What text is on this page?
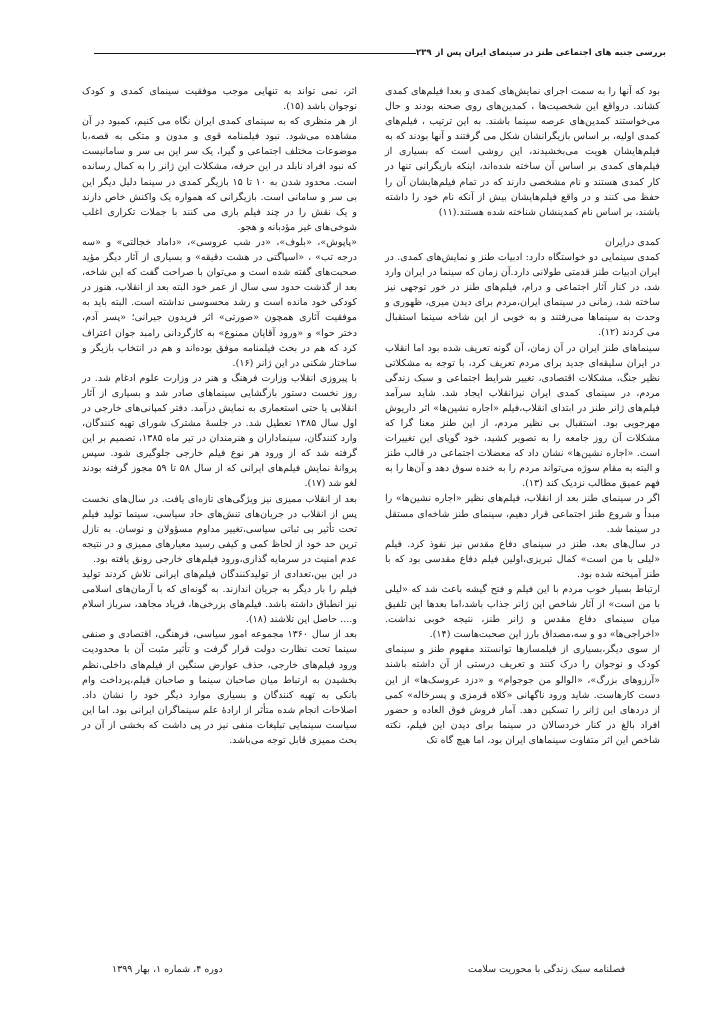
بررسی جنبه های اجتماعی طنز در سینمای ایران پس از
۲۳۹

بود که آنها را به سمت اجرای نمایش‌های کمدی و بعدا فیلم‌های کمدی کشاند. درواقع این شخصیت‌ها ، کمدین‌های روی صحنه بودند و حال می‌خواستند کمدین‌های عرصه سینما باشند. به این ترتیب ، فیلم‌های کمدی اولیه، بر اساس بازیگرانشان شکل می گرفتند و آنها بودند که به فیلم‌هایشان هویت می‌بخشیدند، این روشی است که بسیاری از فیلم‌های کمدی بر اساس آن ساخته شده‌اند، اینکه بازیگرانی تنها در کار کمدی هستند و نام مشخصی دارند که در تمام فیلم‌هایشان آن را حفظ می کنند و در واقع فیلم‌هایشان بیش از آنکه نام خود را داشته باشند، بر اساس نام کمدینشان شناخته شده هستند.(۱۱)

کمدی درایران

کمدی سینمایی دو خواستگاه دارد: ادبیات طنز و نمایش‌های کمدی. در ایران ادبیات طنز قدمتی طولانی دارد.آن زمان که سینما در ایران وارد شد، در کنار آثار اجتماعی و درام، فیلم‌های طنز در خور توجهی نیز ساخته شد، زمانی در سینمای ایران،مردم برای دیدن میری، ظهوری و وحدت به سینماها می‌رفتند و به خوبی از این شاخه سینما استقبال می کردند (۱۲).

سینماهای طنز ایران در آن زمان، آن گونه تعریف شده بود اما انقلاب در ایران سلیقه‌ای جدید برای مردم تعریف کرد، با توجه به مشکلاتی نظیر جنگ، مشکلات اقتصادی، تغییر شرایط اجتماعی و سبک زندگی مردم، در سینمای کمدی ایران نیزانقلاب ایجاد شد. شاید سرآمد فیلم‌های ژانر طنز در ابتدای انقلاب،فیلم «اجاره نشین‌ها» اثر داریوش مهرجویی بود. استقبال بی نظیر مردم، از این طنز معنا گرا که مشکلات آن روز جامعه را به تصویر کشید، خود گویای این تغییرات است. «اجاره نشین‌ها» نشان داد که معضلات اجتماعی در قالب طنز و البته به مقام سوژه می‌تواند مردم را به خنده سوق دهد و آن‌ها را به فهم عمیق مطالب نزدیک کند (۱۳).

اگر در سینمای طنز بعد از انقلاب، فیلم‌های نظیر «اجاره نشین‌ها» را مبدأ و شروع طنز اجتماعی قرار دهیم، سینمای طنز شاخه‌ای مستقل در سینما شد.

در سال‌های بعد، طنز در سینمای دفاع مقدس نیز نفوذ کرد. فیلم «لیلی با من است» کمال تبریزی،اولین فیلم دفاع مقدسی بود که با طنز آمیخته شده بود.

ارتباط بسیار خوب مردم با این فیلم و فتح گیشه باعث شد که «لیلی با من است» از آثار شاخص این ژانر جذاب باشد،اما بعدها این تلفیق میان سینمای دفاع مقدس و ژانر طنز، نتیجه خوبی نداشت. «اخراجی‌ها» دو و سه،مصداق بارز این صحبت‌هاست (۱۴).

از سوی دیگر،بسیاری از فیلمسازها توانستند مفهوم طنز و سینمای کودک و نوجوان را درک کنند و تعریف درستی از آن داشته باشند «آرزوهای بزرگ»، «الوالو من جوجوام» و «دزد عروسک‌ها» از این دست کارهاست. شاید ورود ناگهانی «کلاه قرمزی و پسرخاله» کمی از دردهای این ژانر را تسکین دهد. آمار فروش فوق العاده و حضور افراد بالغ در کنار خردسالان در سینما برای دیدن این فیلم، نکته شاخص این اثر متفاوت سینماهای ایران بود، اما هیچ گاه تک

اثر، نمی تواند به تنهایی موجب موفقیت سینمای کمدی و کودک نوجوان باشد (۱۵).

از هر منظری که به سینمای کمدی ایران نگاه می کنیم، کمبود در آن مشاهده می‌شود. نبود فیلمنامه قوی و مدون و متکی به قصه،با موضوعات مختلف اجتماعی و گیرا، یک سر این بی سر و سامانیست که نبود افراد نابلد در این حرفه، مشکلات این ژانر را به کمال رسانده است. محدود شدن به ۱۰ تا ۱۵ بازیگر کمدی در سینما دلیل دیگر این بی سر و سامانی است. بازیگرانی که همواره یک واکنش خاص دارند و یک نقش را در چند فیلم بازی می کنند با جملات تکراری اغلب شوخی‌های غیر مؤدبانه و هجو.

«پاپوش»، «بلوف»، «در شب عروسی»، «داماد خجالتی» و «سه درجه تب» ، «اسپاگتی در هشت دقیقه» و بسیاری از آثار دیگر مؤید صحبت‌های گفته شده است و می‌توان با صراحت گفت که این شاخه، بعد از گذشت حدود سی سال از عمر خود البته بعد از انقلاب، هنوز در کودکی خود مانده است و رشد محسوسی نداشته است. البته باید به موفقیت آثاری همچون «صورتی» اثر فریدون جیرانی؛ «پسر آدم، دختر حوا» و «ورود آقایان ممنوع» به کارگردانی رامبد جوان اعتراف کرد که هم در بحث فیلمنامه موفق بوده‌اند و هم در انتخاب بازیگر و ساختار شکنی در این ژانر (۱۶).

با پیروزی انقلاب وزارت فرهنگ و هنر در وزارت علوم ادغام شد. در روز نخست دستور بازگشایی سینماهای صادر شد و بسیاری از آثار انقلابی یا حتی استعماری به نمایش درآمد. دفتر کمپانی‌های خارجی در اول سال ۱۳۸۵ تعطیل شد. در جلسهٔ مشترک شورای تهیه کنندگان، وارد کنندگان، سینماداران و هنرمندان در تیر ماه ۱۳۸۵، تصمیم بر این گرفته شد که از ورود هر نوع فیلم خارجی جلوگیری شود. سپس پروانهٔ نمایش فیلم‌های ایرانی که از سال ۵۸ تا ۵۹ مجوز گرفته بودند لغو شد (۱۷).

بعد از انقلاب ممیزی نیز ویژگی‌های تازه‌ای یافت. در سال‌های نخست پس از انقلاب در جریان‌های تنش‌های حاد سیاسی، سینما تولید فیلم تحت تأثیر بی ثباتی سیاسی،تغییر مداوم مسؤولان و نوسان. به نازل ترین حد خود از لحاظ کمی و کیفی رسید معیارهای ممیزی و در نتیجه عدم امنیت در سرمایه گذاری،ورود فیلم‌های خارجی رونق یافته بود.

در این بین،تعدادی از تولیدکنندگان فیلم‌های ایرانی تلاش کردند تولید فیلم را بار دیگر به جریان اندازند. به گونه‌ای که با آرمان‌های اسلامی نیز انطباق داشته باشد. فیلم‌های بزرخی‌ها، فریاد مجاهد، سرباز اسلام و.... حاصل این تلاشند (۱۸).

بعد از سال ۱۳۶۰ مجموعه امور سیاسی، فرهنگی، اقتصادی و صنفی سینما تحت نظارت دولت قرار گرفت و تأثیر مثبت آن با محدودیت ورود فیلم‌های خارجی، حذف عوارض سنگین از فیلم‌های داخلی،نظم بخشیدن به ارتباط میان صاحبان سینما و صاحبان فیلم،پرداخت وام بانکی به تهیه کنندگان و بسیاری موارد دیگر خود را نشان داد. اصلاحات انجام شده متأثر از ارادهٔ علم سینماگران ایرانی بود. اما این سیاست سینمایی تبلیغات منفی نیز در پی داشت که بخشی از آن در بحث ممیزی قابل توجه می‌باشد.

فصلنامه سبک زندگی با محوریت سلامت
دوره ۴، شماره ۱، بهار ۱۳۹۹
